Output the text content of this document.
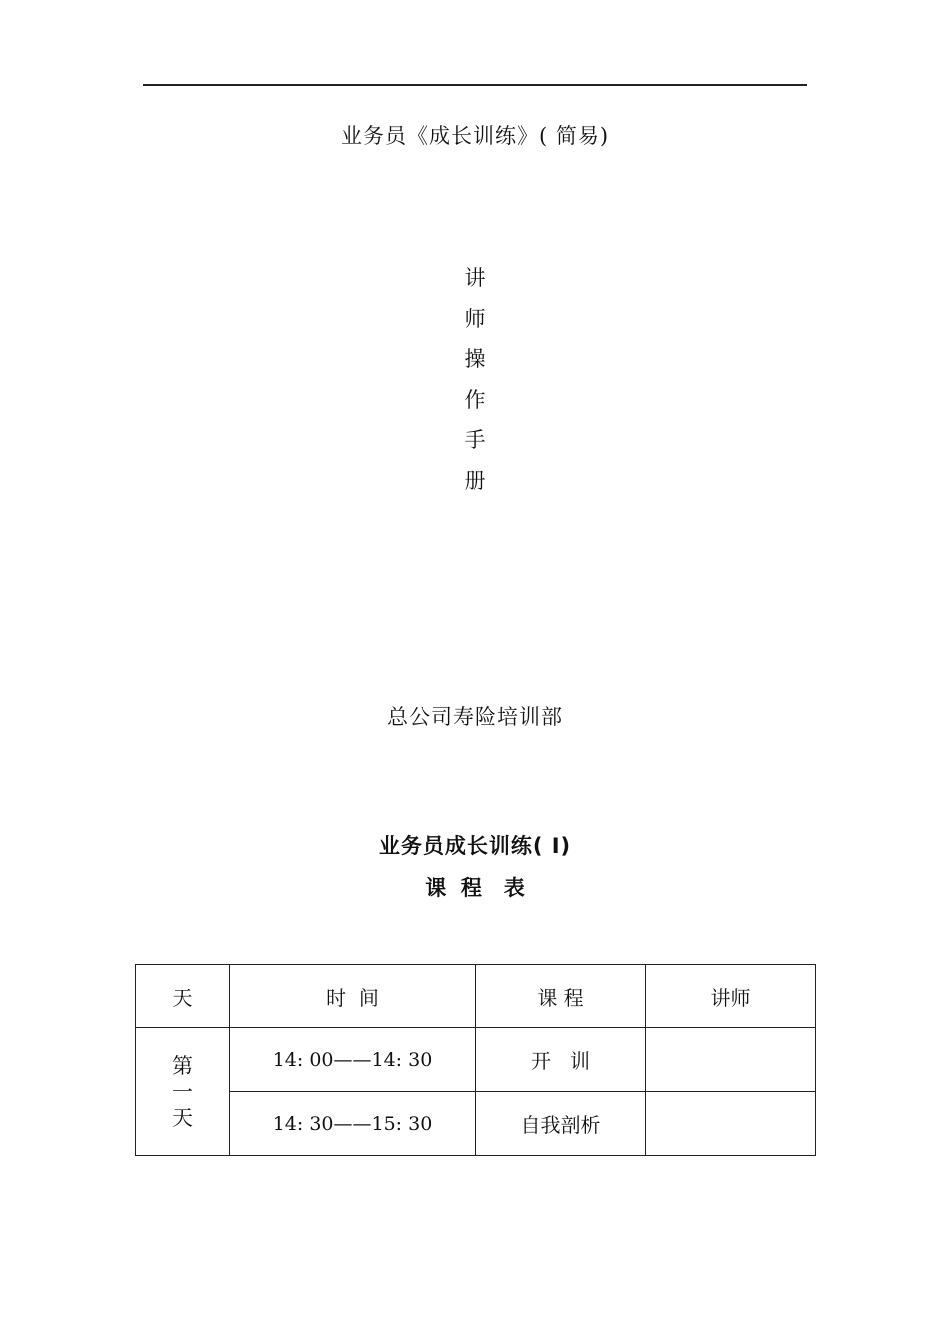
业务员《成长训练》( 简易)
讲
师
操
作
手
册
总公司寿险培训部
业务员成长训练( Ⅰ)
课  程   表
天	时  间	课 程	讲师

第
一
天	14: 00——14: 30	开   训	
	14: 30——15: 30	自我剖析	
